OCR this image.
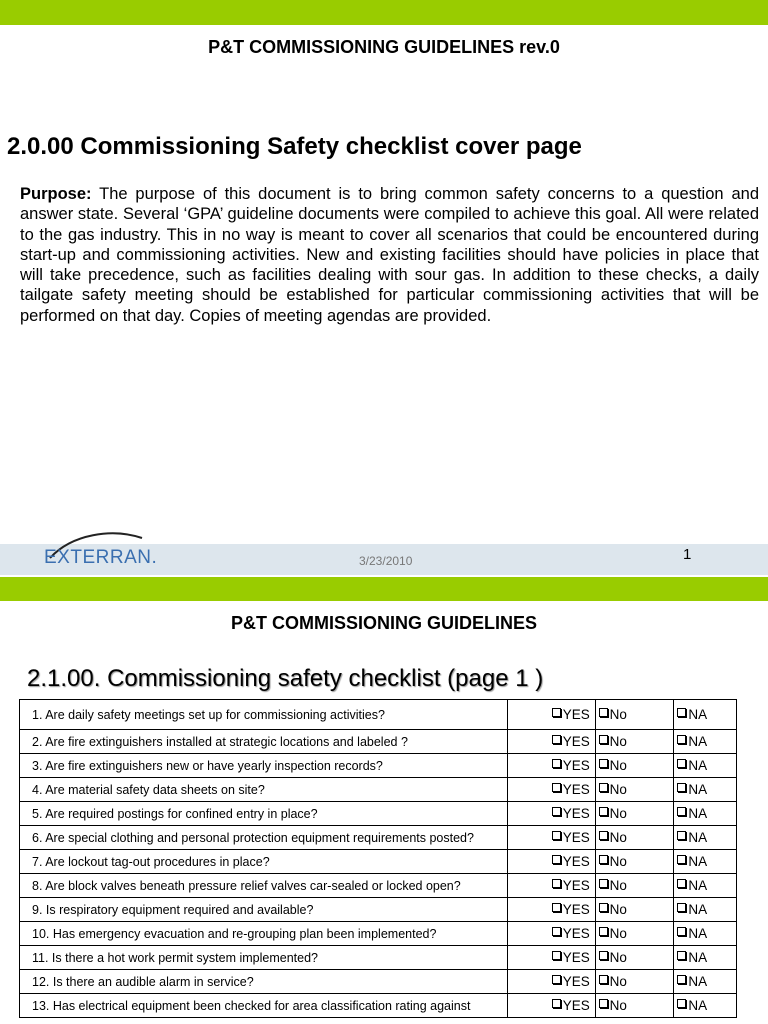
P&T COMMISSIONING GUIDELINES rev.0
2.0.00 Commissioning Safety checklist cover page
Purpose: The purpose of this document is to bring common safety concerns to a question and answer state. Several ‘GPA’ guideline documents were compiled to achieve this goal. All were related to the gas industry. This in no way is meant to cover all scenarios that could be encountered during start-up and commissioning activities. New and existing facilities should have policies in place that will take precedence, such as facilities dealing with sour gas. In addition to these checks, a daily tailgate safety meeting should be established for particular commissioning activities that will be performed on that day. Copies of meeting agendas are provided.
EXTERRAN.	3/23/2010	1
P&T COMMISSIONING GUIDELINES
2.1.00. Commissioning safety checklist (page 1 )
1. Are daily safety meetings set up for commissioning activities?	YES	No	NA
2. Are fire extinguishers installed at strategic locations and labeled ?	YES	No	NA
3. Are fire extinguishers new or have yearly inspection records?	YES	No	NA
4. Are material safety data sheets on site?	YES	No	NA
5. Are required postings for confined entry in place?	YES	No	NA
6. Are special clothing and personal protection equipment requirements posted?	YES	No	NA
7. Are lockout tag-out procedures in place?	YES	No	NA
8. Are block valves beneath pressure relief valves car-sealed or locked open?	YES	No	NA
9. Is respiratory equipment required and available?	YES	No	NA
10. Has emergency evacuation and re-grouping plan been implemented?	YES	No	NA
11. Is there a hot work permit system implemented?	YES	No	NA
12. Is there an audible alarm in service?	YES	No	NA
13. Has electrical equipment been checked for area classification rating against	YES	No	NA
